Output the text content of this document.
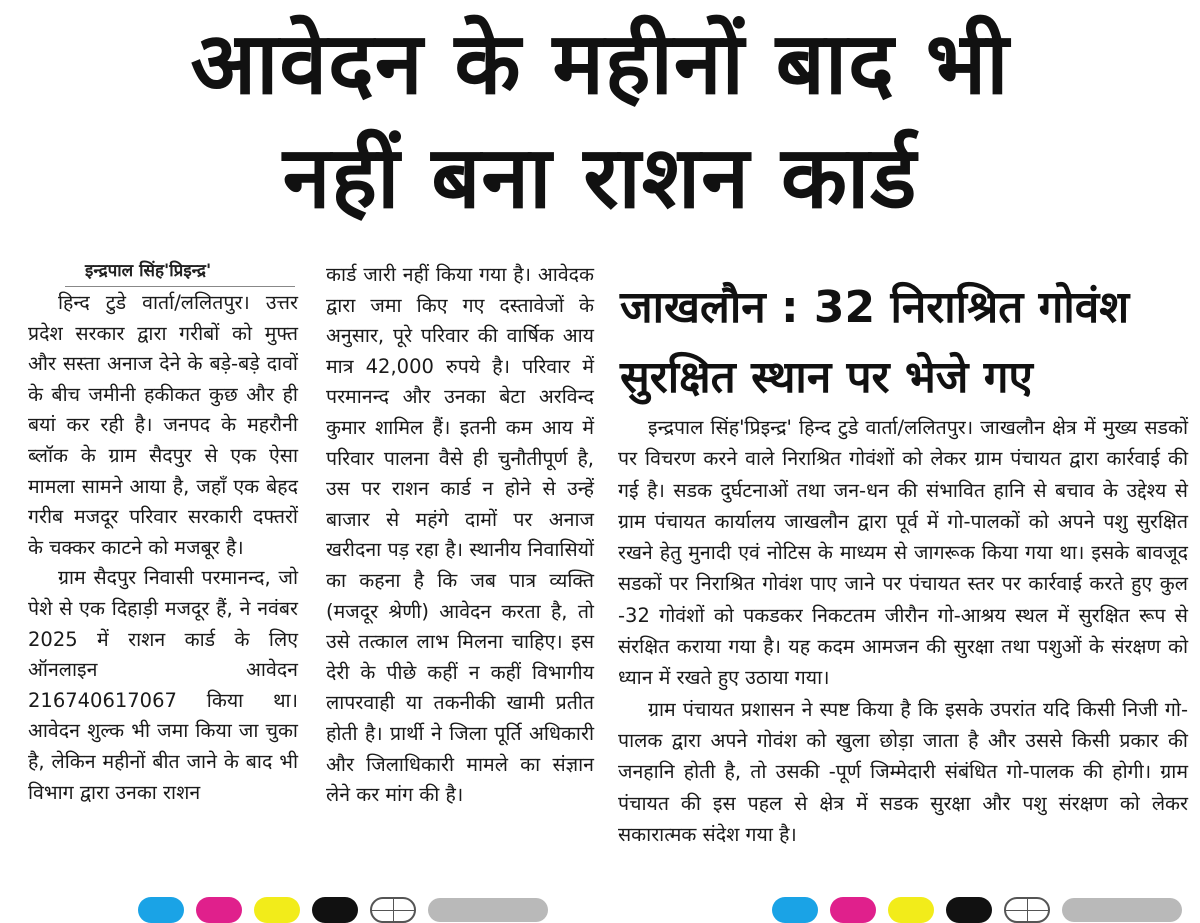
आवेदन के महीनों बाद भी
नहीं बना राशन कार्ड
इन्द्रपाल सिंह'प्रिइन्द्र'

हिन्द टुडे वार्ता/ललितपुर। उत्तर प्रदेश सरकार द्वारा गरीबों को मुफ्त और सस्ता अनाज देने के बड़े-बड़े दावों के बीच जमीनी हकीकत कुछ और ही बयां कर रही है। जनपद के महरौनी ब्लॉक के ग्राम सैदपुर से एक ऐसा मामला सामने आया है, जहाँ एक बेहद गरीब मजदूर परिवार सरकारी दफ्तरों के चक्कर काटने को मजबूर है।

ग्राम सैदपुर निवासी परमानन्द, जो पेशे से एक दिहाड़ी मजदूर हैं, ने नवंबर 2025 में राशन कार्ड के लिए ऑनलाइन आवेदन 216740617067 किया था। आवेदन शुल्क भी जमा किया जा चुका है, लेकिन महीनों बीत जाने के बाद भी विभाग द्वारा उनका राशन

कार्ड जारी नहीं किया गया है। आवेदक द्वारा जमा किए गए दस्तावेजों के अनुसार, पूरे परिवार की वार्षिक आय मात्र 42,000 रुपये है। परिवार में परमानन्द और उनका बेटा अरविन्द कुमार शामिल हैं। इतनी कम आय में परिवार पालना वैसे ही चुनौतीपूर्ण है, उस पर राशन कार्ड न होने से उन्हें बाजार से महंगे दामों पर अनाज खरीदना पड़ रहा है। स्थानीय निवासियों का कहना है कि जब पात्र व्यक्ति (मजदूर श्रेणी) आवेदन करता है, तो उसे तत्काल लाभ मिलना चाहिए। इस देरी के पीछे कहीं न कहीं विभागीय लापरवाही या तकनीकी खामी प्रतीत होती है। प्रार्थी ने जिला पूर्ति अधिकारी और जिलाधिकारी मामले का संज्ञान लेने कर मांग की है।

जाखलौन : 32 निराश्रित गोवंश
सुरक्षित स्थान पर भेजे गए

इन्द्रपाल सिंह'प्रिइन्द्र' हिन्द टुडे वार्ता/ललितपुर। जाखलौन क्षेत्र में मुख्य सडकों पर विचरण करने वाले निराश्रित गोवंशों को लेकर ग्राम पंचायत द्वारा कार्रवाई की गई है। सडक दुर्घटनाओं तथा जन-धन की संभावित हानि से बचाव के उद्देश्य से ग्राम पंचायत कार्यालय जाखलौन द्वारा पूर्व में गो-पालकों को अपने पशु सुरक्षित रखने हेतु मुनादी एवं नोटिस के माध्यम से जागरूक किया गया था। इसके बावजूद सडकों पर निराश्रित गोवंश पाए जाने पर पंचायत स्तर पर कार्रवाई करते हुए कुल -32 गोवंशों को पकडकर निकटतम जीरौन गो-आश्रय स्थल में सुरक्षित रूप से संरक्षित कराया गया है। यह कदम आमजन की सुरक्षा तथा पशुओं के संरक्षण को ध्यान में रखते हुए उठाया गया।

ग्राम पंचायत प्रशासन ने स्पष्ट किया है कि इसके उपरांत यदि किसी निजी गो-पालक द्वारा अपने गोवंश को खुला छोड़ा जाता है और उससे किसी प्रकार की जनहानि होती है, तो उसकी -पूर्ण जिम्मेदारी संबंधित गो-पालक की होगी। ग्राम पंचायत की इस पहल से क्षेत्र में सडक सुरक्षा और पशु संरक्षण को लेकर सकारात्मक संदेश गया है।
